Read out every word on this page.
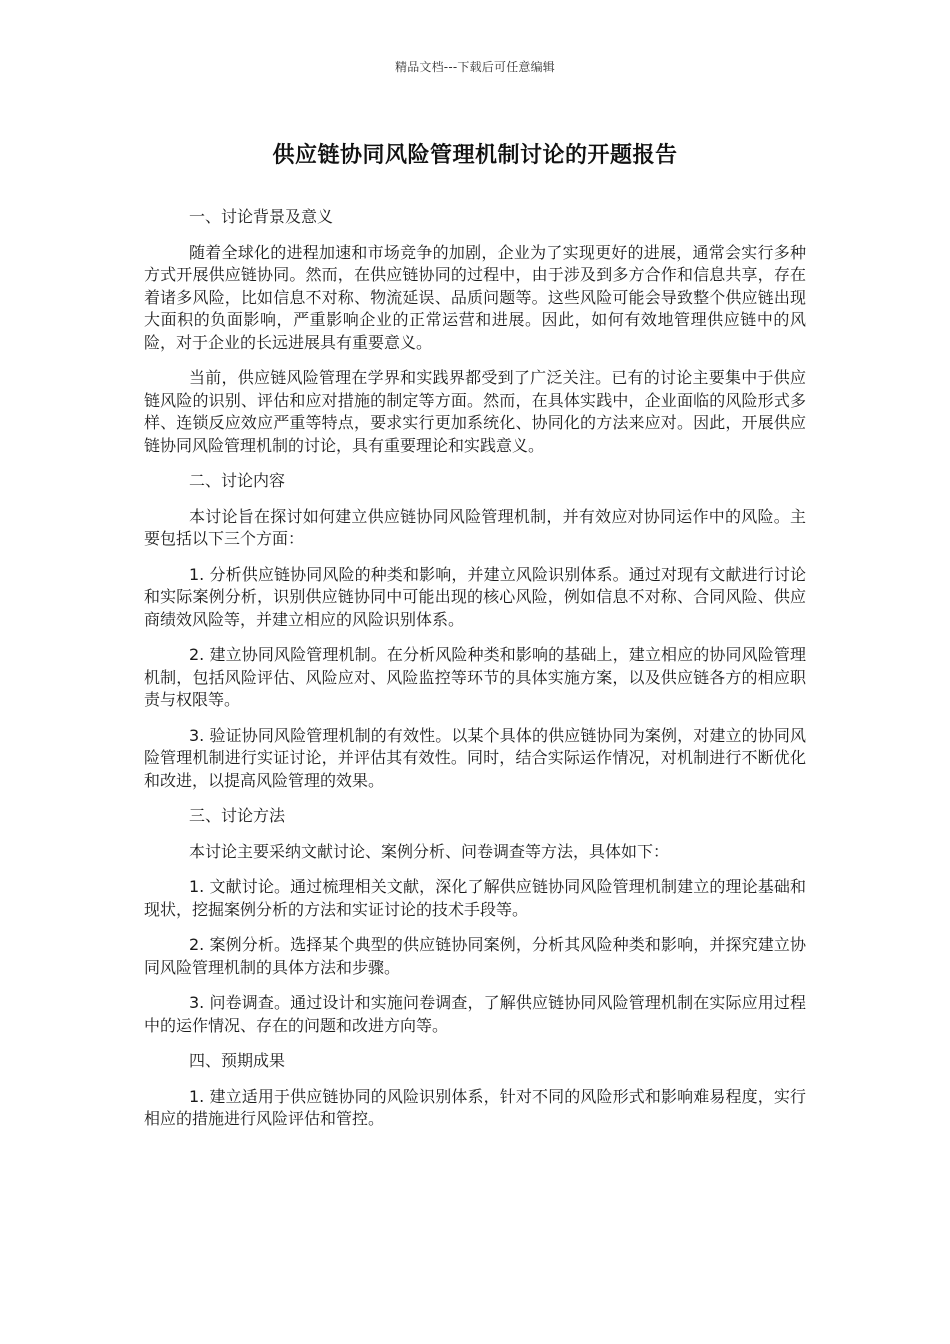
精品文档---下载后可任意编辑
供应链协同风险管理机制讨论的开题报告
一、讨论背景及意义
随着全球化的进程加速和市场竞争的加剧，企业为了实现更好的进展，通常会实行多种方式开展供应链协同。然而，在供应链协同的过程中，由于涉及到多方合作和信息共享，存在着诸多风险，比如信息不对称、物流延误、品质问题等。这些风险可能会导致整个供应链出现大面积的负面影响，严重影响企业的正常运营和进展。因此，如何有效地管理供应链中的风险，对于企业的长远进展具有重要意义。
当前，供应链风险管理在学界和实践界都受到了广泛关注。已有的讨论主要集中于供应链风险的识别、评估和应对措施的制定等方面。然而，在具体实践中，企业面临的风险形式多样、连锁反应效应严重等特点，要求实行更加系统化、协同化的方法来应对。因此，开展供应链协同风险管理机制的讨论，具有重要理论和实践意义。
二、讨论内容
本讨论旨在探讨如何建立供应链协同风险管理机制，并有效应对协同运作中的风险。主要包括以下三个方面：
1. 分析供应链协同风险的种类和影响，并建立风险识别体系。通过对现有文献进行讨论和实际案例分析，识别供应链协同中可能出现的核心风险，例如信息不对称、合同风险、供应商绩效风险等，并建立相应的风险识别体系。
2. 建立协同风险管理机制。在分析风险种类和影响的基础上，建立相应的协同风险管理机制，包括风险评估、风险应对、风险监控等环节的具体实施方案，以及供应链各方的相应职责与权限等。
3. 验证协同风险管理机制的有效性。以某个具体的供应链协同为案例，对建立的协同风险管理机制进行实证讨论，并评估其有效性。同时，结合实际运作情况，对机制进行不断优化和改进，以提高风险管理的效果。
三、讨论方法
本讨论主要采纳文献讨论、案例分析、问卷调查等方法，具体如下：
1. 文献讨论。通过梳理相关文献，深化了解供应链协同风险管理机制建立的理论基础和现状，挖掘案例分析的方法和实证讨论的技术手段等。
2. 案例分析。选择某个典型的供应链协同案例，分析其风险种类和影响，并探究建立协同风险管理机制的具体方法和步骤。
3. 问卷调查。通过设计和实施问卷调查，了解供应链协同风险管理机制在实际应用过程中的运作情况、存在的问题和改进方向等。
四、预期成果
1. 建立适用于供应链协同的风险识别体系，针对不同的风险形式和影响难易程度，实行相应的措施进行风险评估和管控。
